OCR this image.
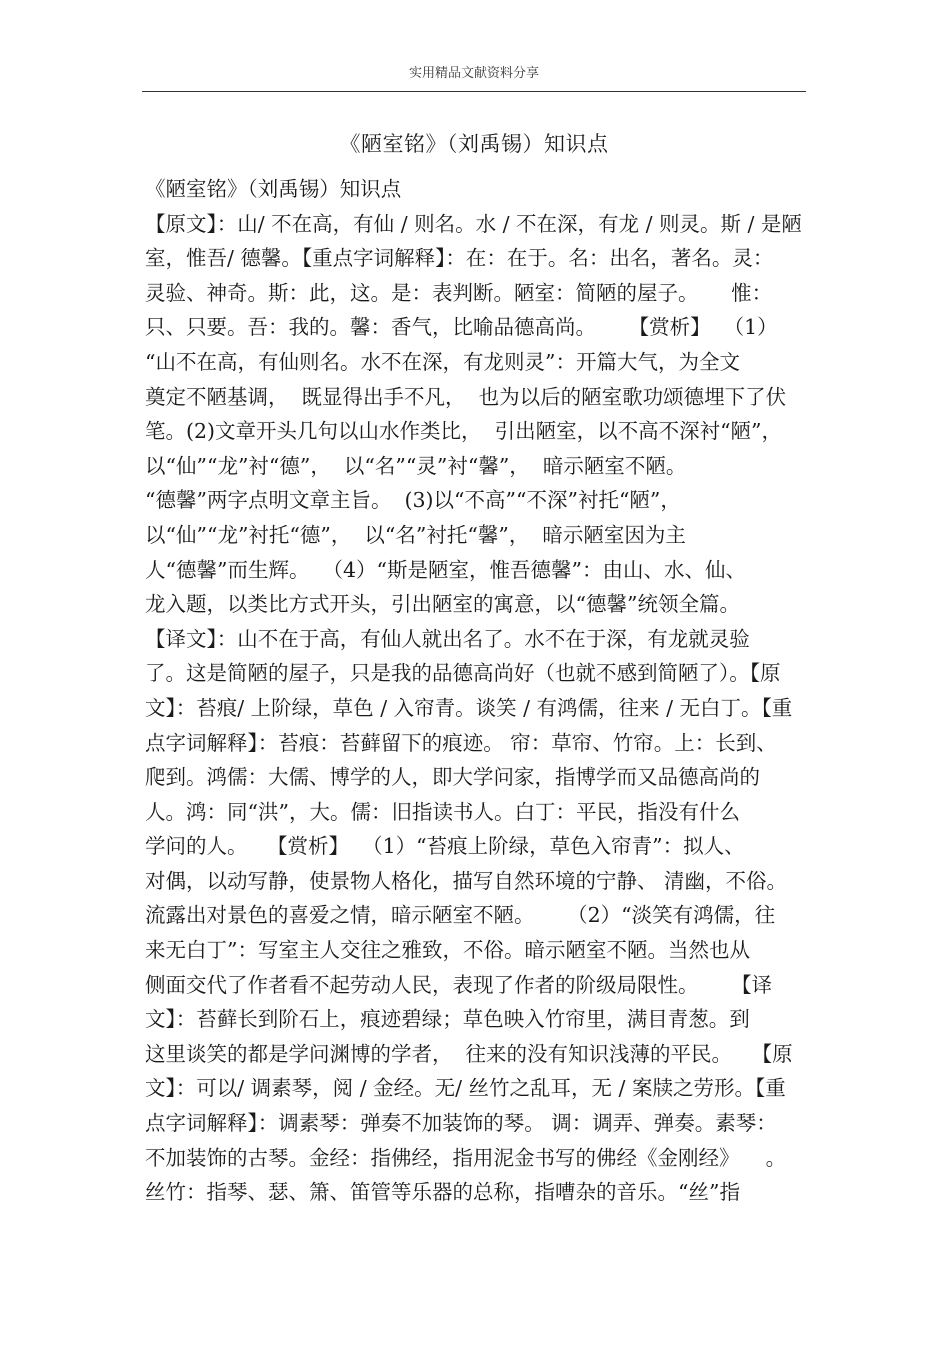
实用精品文献资料分享
《陋室铭》（刘禹锡）知识点
《陋室铭》（刘禹锡）知识点
【原文】：山/ 不在高，有仙 / 则名。水 / 不在深，有龙 / 则灵。斯 / 是陋
室，惟吾/ 德馨。【重点字词解释】：在：在于。名：出名，著名。灵：
灵验、神奇。斯：此，这。是：表判断。陋室：简陋的屋子。     惟：
只、只要。吾：我的。馨：香气，比喻品德高尚。     【赏析】  （1）
“山不在高，有仙则名。水不在深，有龙则灵”：开篇大气，为全文
奠定不陋基调，  既显得出手不凡，  也为以后的陋室歌功颂德埋下了伏
笔。(2)文章开头几句以山水作类比，  引出陋室，以不高不深衬“陋”，
以“仙”“龙”衬“德”，  以“名”“灵”衬“馨”，  暗示陋室不陋。
“德馨”两字点明文章主旨。  (3)以“不高”“不深”衬托“陋”，
以“仙”“龙”衬托“德”，  以“名”衬托“馨”，  暗示陋室因为主
人“德馨”而生辉。  （4）“斯是陋室，惟吾德馨”：由山、水、仙、
龙入题，以类比方式开头，引出陋室的寓意，以“德馨”统领全篇。
【译文】：山不在于高，有仙人就出名了。水不在于深，有龙就灵验
了。这是简陋的屋子，只是我的品德高尚好（也就不感到简陋了）。【原
文】：苔痕/ 上阶绿，草色 / 入帘青。谈笑 / 有鸿儒，往来 / 无白丁。【重
点字词解释】：苔痕：苔藓留下的痕迹。 帘：草帘、竹帘。上：长到、
爬到。鸿儒：大儒、博学的人，即大学问家，指博学而又品德高尚的
人。鸿：同“洪”，大。儒：旧指读书人。白丁：平民，指没有什么
学问的人。   【赏析】  （1）“苔痕上阶绿，草色入帘青”：拟人、
对偶，以动写静，使景物人格化，描写自然环境的宁静、 清幽，不俗。
流露出对景色的喜爱之情，暗示陋室不陋。     （2）“淡笑有鸿儒，往
来无白丁”：写室主人交往之雅致，不俗。暗示陋室不陋。当然也从
侧面交代了作者看不起劳动人民，表现了作者的阶级局限性。     【译
文】：苔藓长到阶石上，痕迹碧绿；草色映入竹帘里，满目青葱。到
这里谈笑的都是学问渊博的学者，  往来的没有知识浅薄的平民。   【原
文】：可以/ 调素琴，阅 / 金经。无/ 丝竹之乱耳，无 / 案牍之劳形。【重
点字词解释】：调素琴：弹奏不加装饰的琴。 调：调弄、弹奏。素琴：
不加装饰的古琴。金经：指佛经，指用泥金书写的佛经《金刚经》    。
丝竹：指琴、瑟、箫、笛管等乐器的总称，指嘈杂的音乐。“丝”指
